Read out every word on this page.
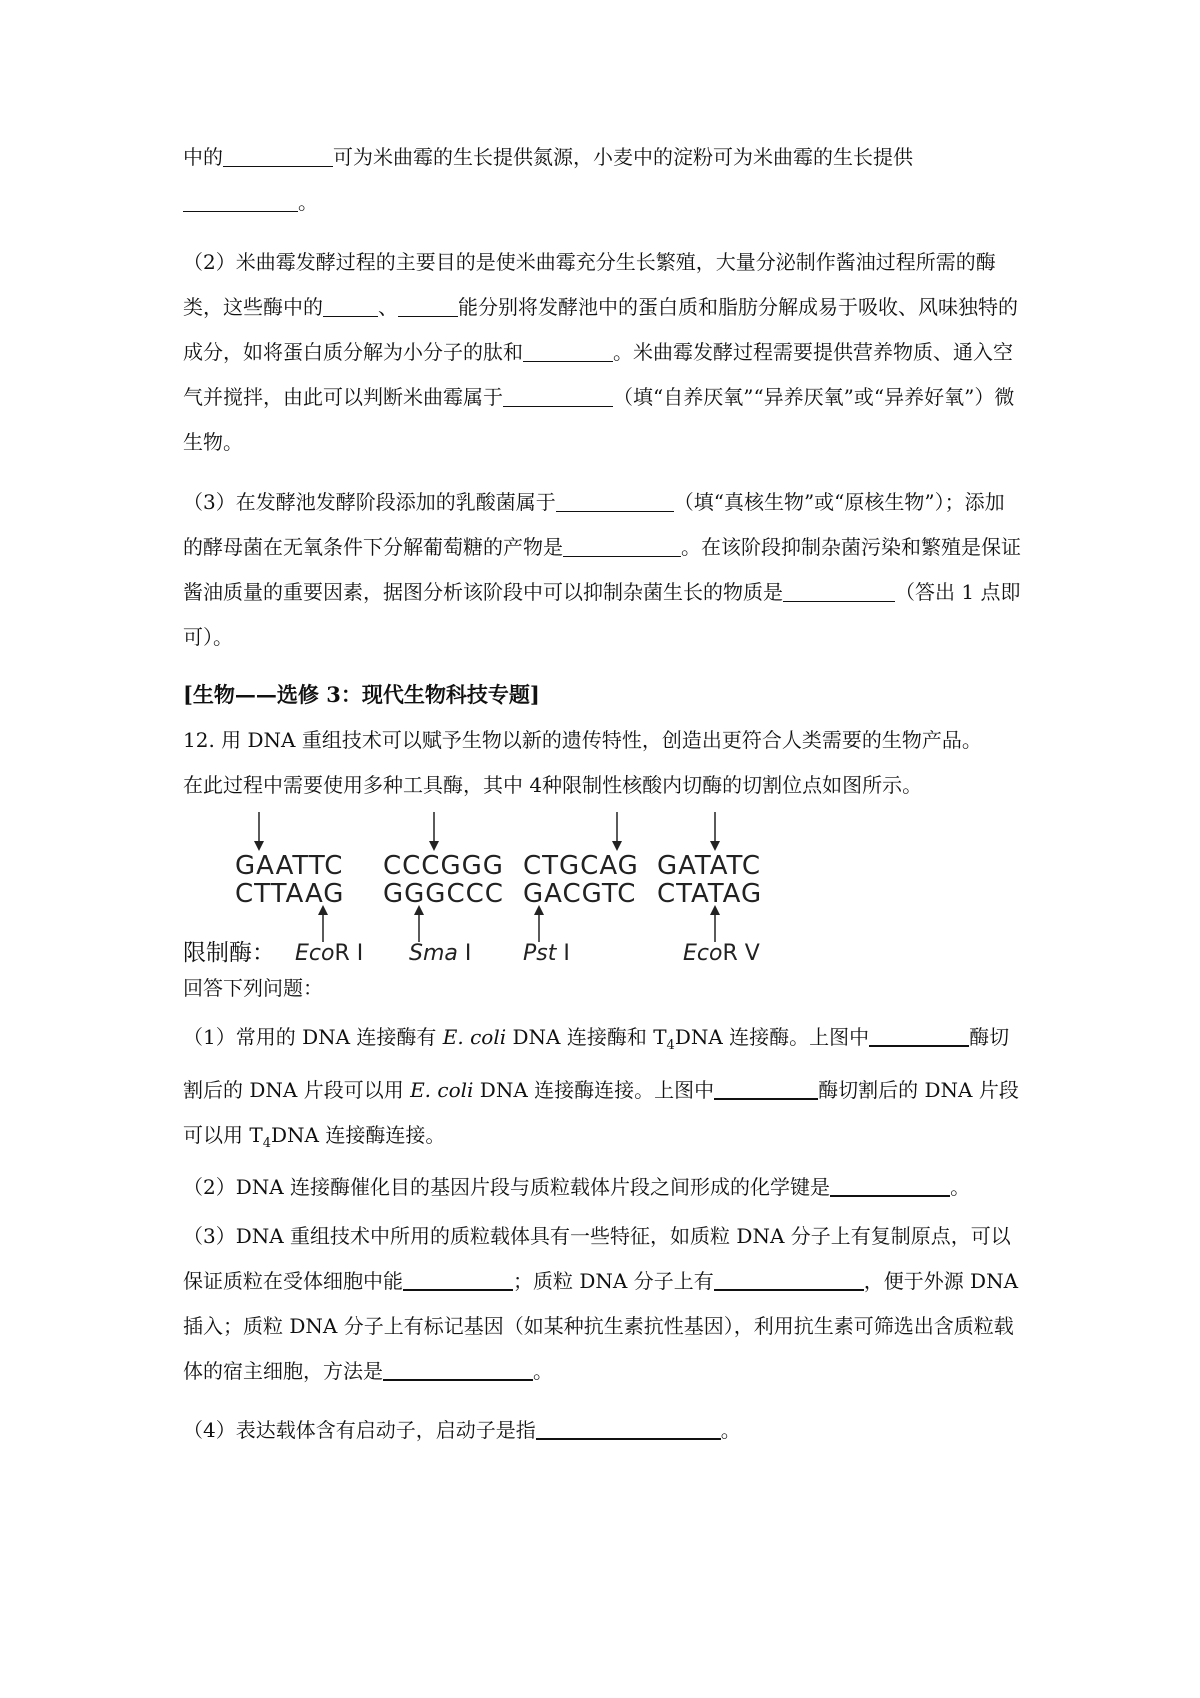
中的	可为米曲霉的生长提供氮源，小麦中的淀粉可为米曲霉的生长提供。

（2）米曲霉发酵过程的主要目的是使米曲霉充分生长繁殖，大量分泌制作酱油过程所需的酶类，这些酶中的	、	能分别将发酵池中的蛋白质和脂肪分解成易于吸收、风味独特的成分，如将蛋白质分解为小分子的肽和	。米曲霉发酵过程需要提供营养物质、通入空气并搅拌，由此可以判断米曲霉属于	（填“自养厌氧”“异养厌氧”或“异养好氧”）微生物。

（3）在发酵池发酵阶段添加的乳酸菌属于	（填“真核生物”或“原核生物”）；添加的酵母菌在无氧条件下分解葡萄糖的产物是	。在该阶段抑制杂菌污染和繁殖是保证酱油质量的重要因素，据图分析该阶段中可以抑制杂菌生长的物质是	（答出 1 点即可）。

[生物——选修 3：现代生物科技专题]

12. 用 DNA 重组技术可以赋予生物以新的遗传特性，创造出更符合人类需要的生物产品。
在此过程中需要使用多种工具酶，其中 4种限制性核酸内切酶的切割位点如图所示。

GAATTC
CTTAAG
CCCGGG
GGGCCC
CTGCAG
GACGTC
GATATC
CTATAG
限制酶： EcoR I Sma I Pst I	EcoR V

回答下列问题：

（1）常用的 DNA 连接酶有 E. coli DNA 连接酶和 $T_4DNA$ 连接酶。上图中	酶切割后的 DNA 片段可以用 E. coli DNA 连接酶连接。上图中	酶切割后的 DNA 片段可以用 $T_4DNA$ 连接酶连接。

（2）DNA 连接酶催化目的基因片段与质粒载体片段之间形成的化学键是	。

（3）DNA 重组技术中所用的质粒载体具有一些特征，如质粒 DNA 分子上有复制原点，可以保证质粒在受体细胞中能	；质粒 DNA 分子上有	，便于外源 DNA 插入；质粒 DNA 分子上有标记基因（如某种抗生素抗性基因），利用抗生素可筛选出含质粒载体的宿主细胞，方法是	。

（4）表达载体含有启动子，启动子是指	。
